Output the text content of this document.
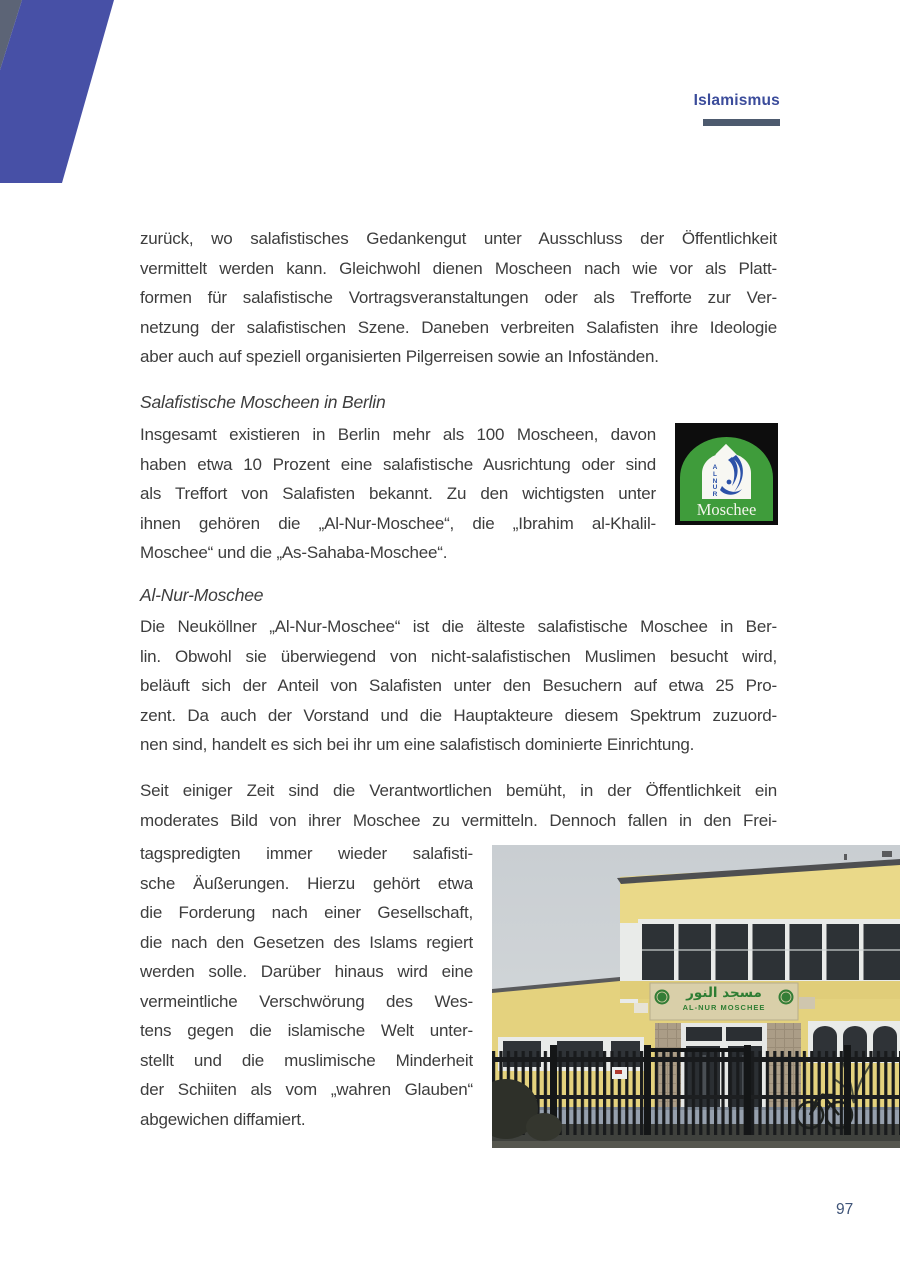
Islamismus
zurück, wo salafistisches Gedankengut unter Ausschluss der Öffentlichkeit
vermittelt werden kann. Gleichwohl dienen Moscheen nach wie vor als Platt-
formen für salafistische Vortragsveranstaltungen oder als Trefforte zur Ver-
netzung der salafistischen Szene. Daneben verbreiten Salafisten ihre Ideologie
aber auch auf speziell organisierten Pilgerreisen sowie an Infoständen.
Salafistische Moscheen in Berlin
Insgesamt existieren in Berlin mehr als 100 Moscheen, davon
haben etwa 10 Prozent eine salafistische Ausrichtung oder sind
als Treffort von Salafisten bekannt. Zu den wichtigsten unter
ihnen gehören die „Al-Nur-Moschee“, die „Ibrahim al-Khalil-
Moschee“ und die „As-Sahaba-Moschee“.
ALNUR
Moschee
Al-Nur-Moschee
Die Neuköllner „Al-Nur-Moschee“ ist die älteste salafistische Moschee in Ber-
lin. Obwohl sie überwiegend von nicht-salafistischen Muslimen besucht wird,
beläuft sich der Anteil von Salafisten unter den Besuchern auf etwa 25 Pro-
zent. Da auch der Vorstand und die Hauptakteure diesem Spektrum zuzuord-
nen sind, handelt es sich bei ihr um eine salafistisch dominierte Einrichtung.
Seit einiger Zeit sind die Verantwortlichen bemüht, in der Öffentlichkeit ein
moderates Bild von ihrer Moschee zu vermitteln. Dennoch fallen in den Frei-
tagspredigten immer wieder salafisti-
sche Äußerungen. Hierzu gehört etwa
die Forderung nach einer Gesellschaft,
die nach den Gesetzen des Islams regiert
werden solle. Darüber hinaus wird eine
vermeintliche Verschwörung des Wes-
tens gegen die islamische Welt unter-
stellt und die muslimische Minderheit
der Schiiten als vom „wahren Glauben“
abgewichen diffamiert.
مسجد النور
AL-NUR MOSCHEE
97
